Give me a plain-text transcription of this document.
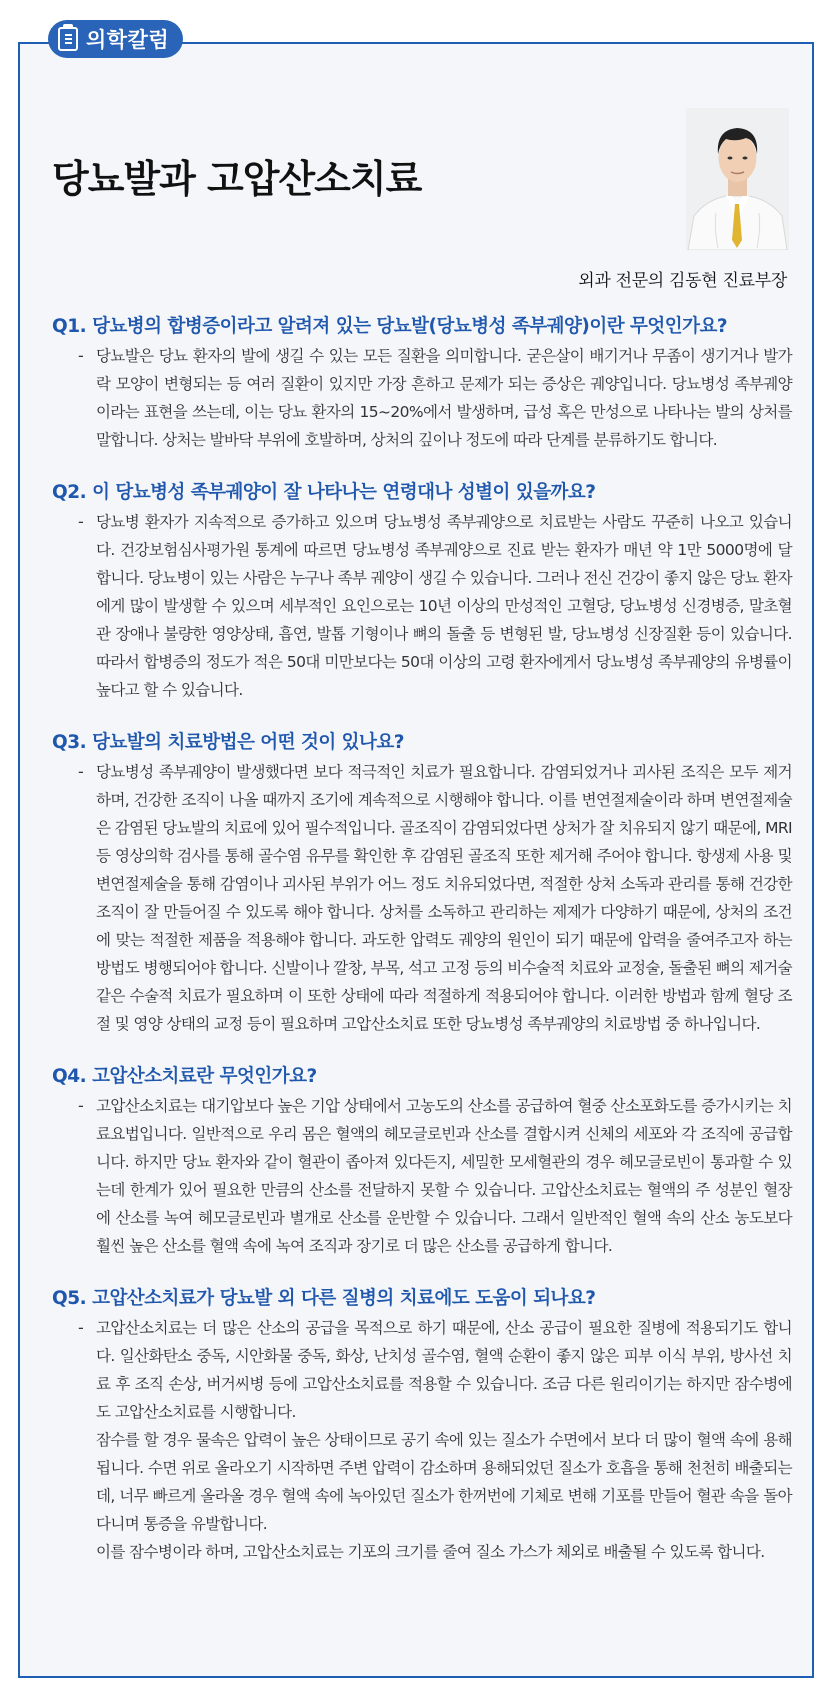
의학칼럼
당뇨발과 고압산소치료
외과 전문의 김동현 진료부장
Q1. 당뇨병의 합병증이라고 알려져 있는 당뇨발(당뇨병성 족부궤양)이란 무엇인가요?

- 당뇨발은 당뇨 환자의 발에 생길 수 있는 모든 질환을 의미합니다. 굳은살이 배기거나 무좀이 생기거나 발가락 모양이 변형되는 등 여러 질환이 있지만 가장 흔하고 문제가 되는 증상은 궤양입니다. 당뇨병성 족부궤양이라는 표현을 쓰는데, 이는 당뇨 환자의 15~20%에서 발생하며, 급성 혹은 만성으로 나타나는 발의 상처를 말합니다. 상처는 발바닥 부위에 호발하며, 상처의 깊이나 정도에 따라 단계를 분류하기도 합니다.

Q2. 이 당뇨병성 족부궤양이 잘 나타나는 연령대나 성별이 있을까요?

- 당뇨병 환자가 지속적으로 증가하고 있으며 당뇨병성 족부궤양으로 치료받는 사람도 꾸준히 나오고 있습니다. 건강보험심사평가원 통계에 따르면 당뇨병성 족부궤양으로 진료 받는 환자가 매년 약 1만 5000명에 달합니다. 당뇨병이 있는 사람은 누구나 족부 궤양이 생길 수 있습니다. 그러나 전신 건강이 좋지 않은 당뇨 환자에게 많이 발생할 수 있으며 세부적인 요인으로는 10년 이상의 만성적인 고혈당, 당뇨병성 신경병증, 말초혈관 장애나 불량한 영양상태, 흡연, 발톱 기형이나 뼈의 돌출 등 변형된 발, 당뇨병성 신장질환 등이 있습니다. 따라서 합병증의 정도가 적은 50대 미만보다는 50대 이상의 고령 환자에게서 당뇨병성 족부궤양의 유병률이 높다고 할 수 있습니다.

Q3. 당뇨발의 치료방법은 어떤 것이 있나요?

- 당뇨병성 족부궤양이 발생했다면 보다 적극적인 치료가 필요합니다. 감염되었거나 괴사된 조직은 모두 제거하며, 건강한 조직이 나올 때까지 조기에 계속적으로 시행해야 합니다. 이를 변연절제술이라 하며 변연절제술은 감염된 당뇨발의 치료에 있어 필수적입니다. 골조직이 감염되었다면 상처가 잘 치유되지 않기 때문에, MRI 등 영상의학 검사를 통해 골수염 유무를 확인한 후 감염된 골조직 또한 제거해 주어야 합니다. 항생제 사용 및 변연절제술을 통해 감염이나 괴사된 부위가 어느 정도 치유되었다면, 적절한 상처 소독과 관리를 통해 건강한 조직이 잘 만들어질 수 있도록 해야 합니다. 상처를 소독하고 관리하는 제제가 다양하기 때문에, 상처의 조건에 맞는 적절한 제품을 적용해야 합니다. 과도한 압력도 궤양의 원인이 되기 때문에 압력을 줄여주고자 하는 방법도 병행되어야 합니다. 신발이나 깔창, 부목, 석고 고정 등의 비수술적 치료와 교정술, 돌출된 뼈의 제거술 같은 수술적 치료가 필요하며 이 또한 상태에 따라 적절하게 적용되어야 합니다. 이러한 방법과 함께 혈당 조절 및 영양 상태의 교정 등이 필요하며 고압산소치료 또한 당뇨병성 족부궤양의 치료방법 중 하나입니다.

Q4. 고압산소치료란 무엇인가요?

- 고압산소치료는 대기압보다 높은 기압 상태에서 고농도의 산소를 공급하여 혈중 산소포화도를 증가시키는 치료요법입니다. 일반적으로 우리 몸은 혈액의 헤모글로빈과 산소를 결합시켜 신체의 세포와 각 조직에 공급합니다. 하지만 당뇨 환자와 같이 혈관이 좁아져 있다든지, 세밀한 모세혈관의 경우 헤모글로빈이 통과할 수 있는데 한계가 있어 필요한 만큼의 산소를 전달하지 못할 수 있습니다. 고압산소치료는 혈액의 주 성분인 혈장에 산소를 녹여 헤모글로빈과 별개로 산소를 운반할 수 있습니다. 그래서 일반적인 혈액 속의 산소 농도보다 훨씬 높은 산소를 혈액 속에 녹여 조직과 장기로 더 많은 산소를 공급하게 합니다.

Q5. 고압산소치료가 당뇨발 외 다른 질병의 치료에도 도움이 되나요?

- 고압산소치료는 더 많은 산소의 공급을 목적으로 하기 때문에, 산소 공급이 필요한 질병에 적용되기도 합니다. 일산화탄소 중독, 시안화물 중독, 화상, 난치성 골수염, 혈액 순환이 좋지 않은 피부 이식 부위, 방사선 치료 후 조직 손상, 버거씨병 등에 고압산소치료를 적용할 수 있습니다. 조금 다른 원리이기는 하지만 잠수병에도 고압산소치료를 시행합니다.

잠수를 할 경우 물속은 압력이 높은 상태이므로 공기 속에 있는 질소가 수면에서 보다 더 많이 혈액 속에 용해됩니다. 수면 위로 올라오기 시작하면 주변 압력이 감소하며 용해되었던 질소가 호흡을 통해 천천히 배출되는데, 너무 빠르게 올라올 경우 혈액 속에 녹아있던 질소가 한꺼번에 기체로 변해 기포를 만들어 혈관 속을 돌아다니며 통증을 유발합니다.

이를 잠수병이라 하며, 고압산소치료는 기포의 크기를 줄여 질소 가스가 체외로 배출될 수 있도록 합니다.
